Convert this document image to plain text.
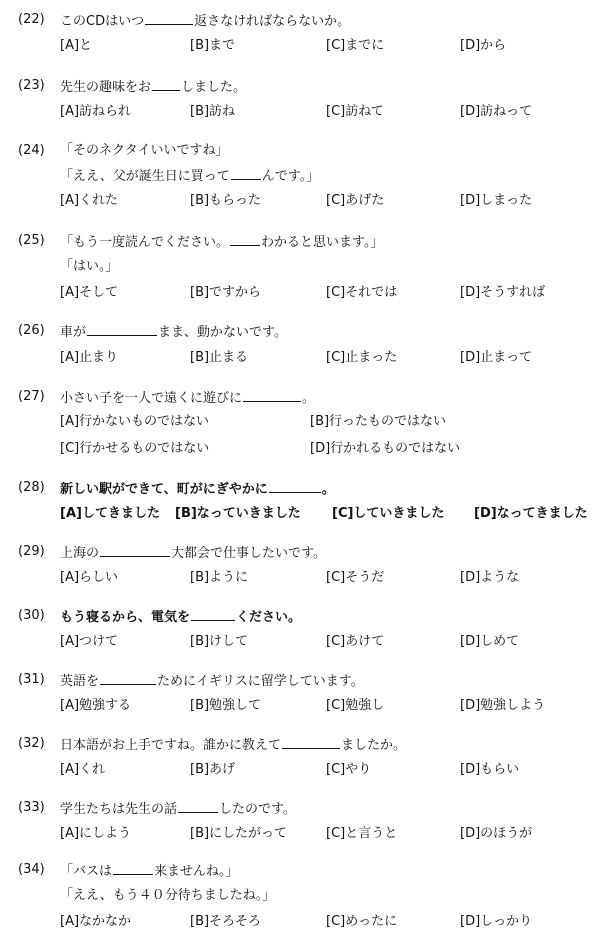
(22) このCDはいつ	返さなければならないか。
[A]と	[B]まで	[C]までに	[D]から
(23) 先生の趣味をお しました。
[A]訪ねられ	[B]訪ね	[C]訪ねて	[D]訪ねって
(24) 「そのネクタイいいですね」
「ええ、父が誕生日に買って んです。」
[A]くれた	[B]もらった	[C]あげた	[D]しまった
(25) 「もう一度読んでください。 わかると思います。」
「はい。」
[A]そして	[B]ですから	[C]それでは	[D]そうすれば
(26) 車が	まま、動かないです。
[A]止まり	[B]止まる	[C]止まった	[D]止まって
(27) 小さい子を一人で遠くに遊びに	。
[A]行かないものではない	[B]行ったものではない
[C]行かせるものではない	[D]行かれるものではない
(28) 新しい駅ができて、町がにぎやかに	。
[A]してきました [B]なっていきました [C]していきました [D]なってきました
(29) 上海の	大都会で仕事したいです。
[A]らしい	[B]ように	[C]そうだ	[D]ような
(30) もう寝るから、電気を	ください。
[A]つけて	[B]けして	[C]あけて	[D]しめて
(31) 英語を	ためにイギリスに留学しています。
[A]勉強する	[B]勉強して	[C]勉強し	[D]勉強しよう
(32) 日本語がお上手ですね。誰かに教えて	ましたか。
[A]くれ	[B]あげ	[C]やり	[D]もらい
(33) 学生たちは先生の話	したのです。
[A]にしよう	[B]にしたがって	[C]と言うと	[D]のほうが
(34) 「バスは	来ませんね。」
「ええ、もう４０分待ちましたね。」
[A]なかなか	[B]そろそろ	[C]めったに	[D]しっかり
